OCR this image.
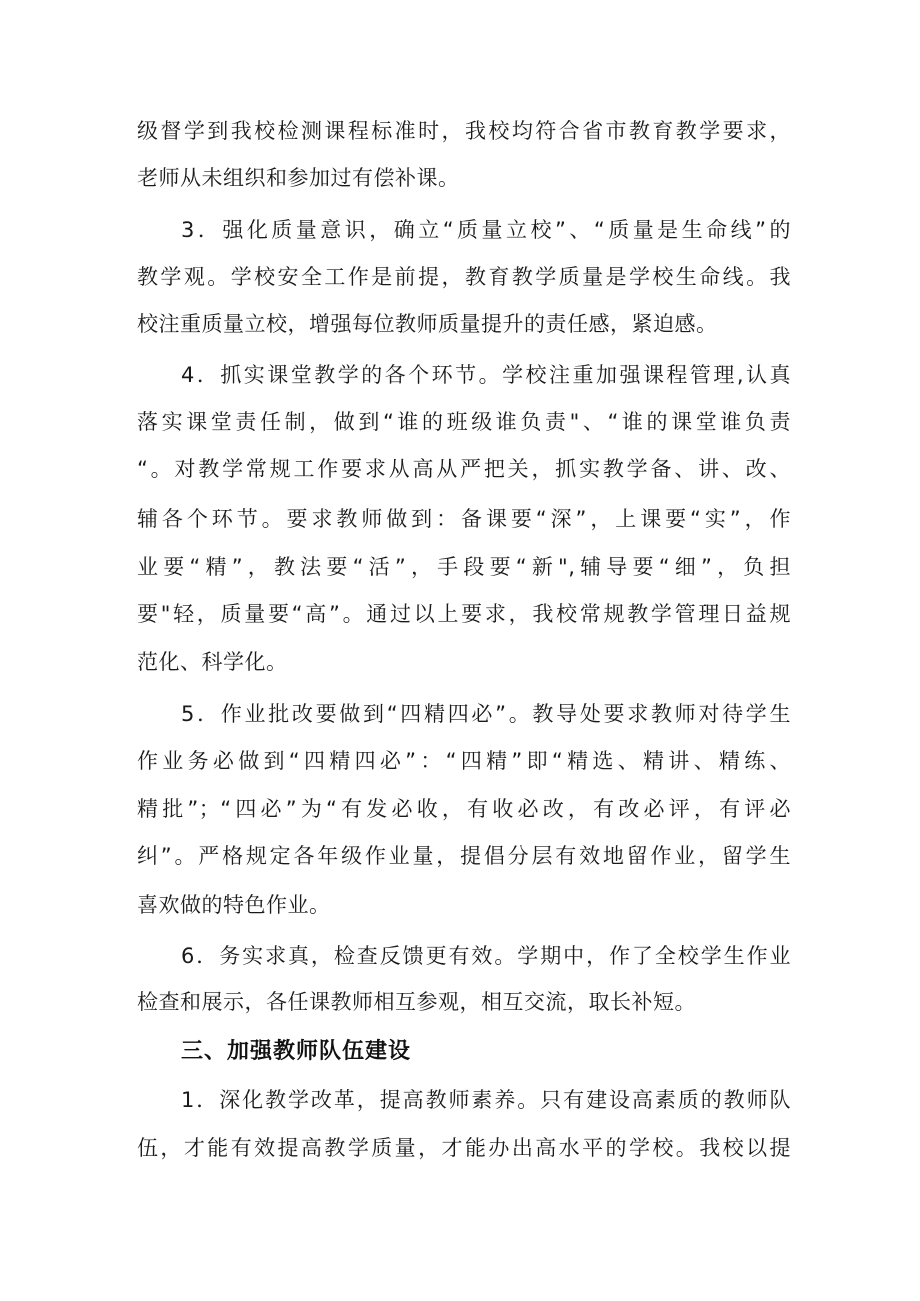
级督学到我校检测课程标准时，我校均符合省市教育教学要求，
老师从未组织和参加过有偿补课。
3．强化质量意识，确立“质量立校”、“质量是生命线”的
教学观。学校安全工作是前提，教育教学质量是学校生命线。我
校注重质量立校，增强每位教师质量提升的责任感，紧迫感。
4．抓实课堂教学的各个环节。学校注重加强课程管理,认真
落实课堂责任制，做到“谁的班级谁负责"、“谁的课堂谁负责
“。对教学常规工作要求从高从严把关，抓实教学备、讲、改、
辅各个环节。要求教师做到：备课要“深”，上课要“实”，作
业要“精”，教法要“活”，手段要“新",辅导要“细”，负担
要"轻，质量要“高”。通过以上要求，我校常规教学管理日益规
范化、科学化。
5．作业批改要做到“四精四必”。教导处要求教师对待学生
作业务必做到“四精四必”：“四精”即“精选、精讲、精练、
精批”；“四必”为“有发必收，有收必改，有改必评，有评必
纠”。严格规定各年级作业量，提倡分层有效地留作业，留学生
喜欢做的特色作业。
6．务实求真，检查反馈更有效。学期中，作了全校学生作业
检查和展示，各任课教师相互参观，相互交流，取长补短。
三、加强教师队伍建设
1．深化教学改革，提高教师素养。只有建设高素质的教师队
伍，才能有效提高教学质量，才能办出高水平的学校。我校以提
